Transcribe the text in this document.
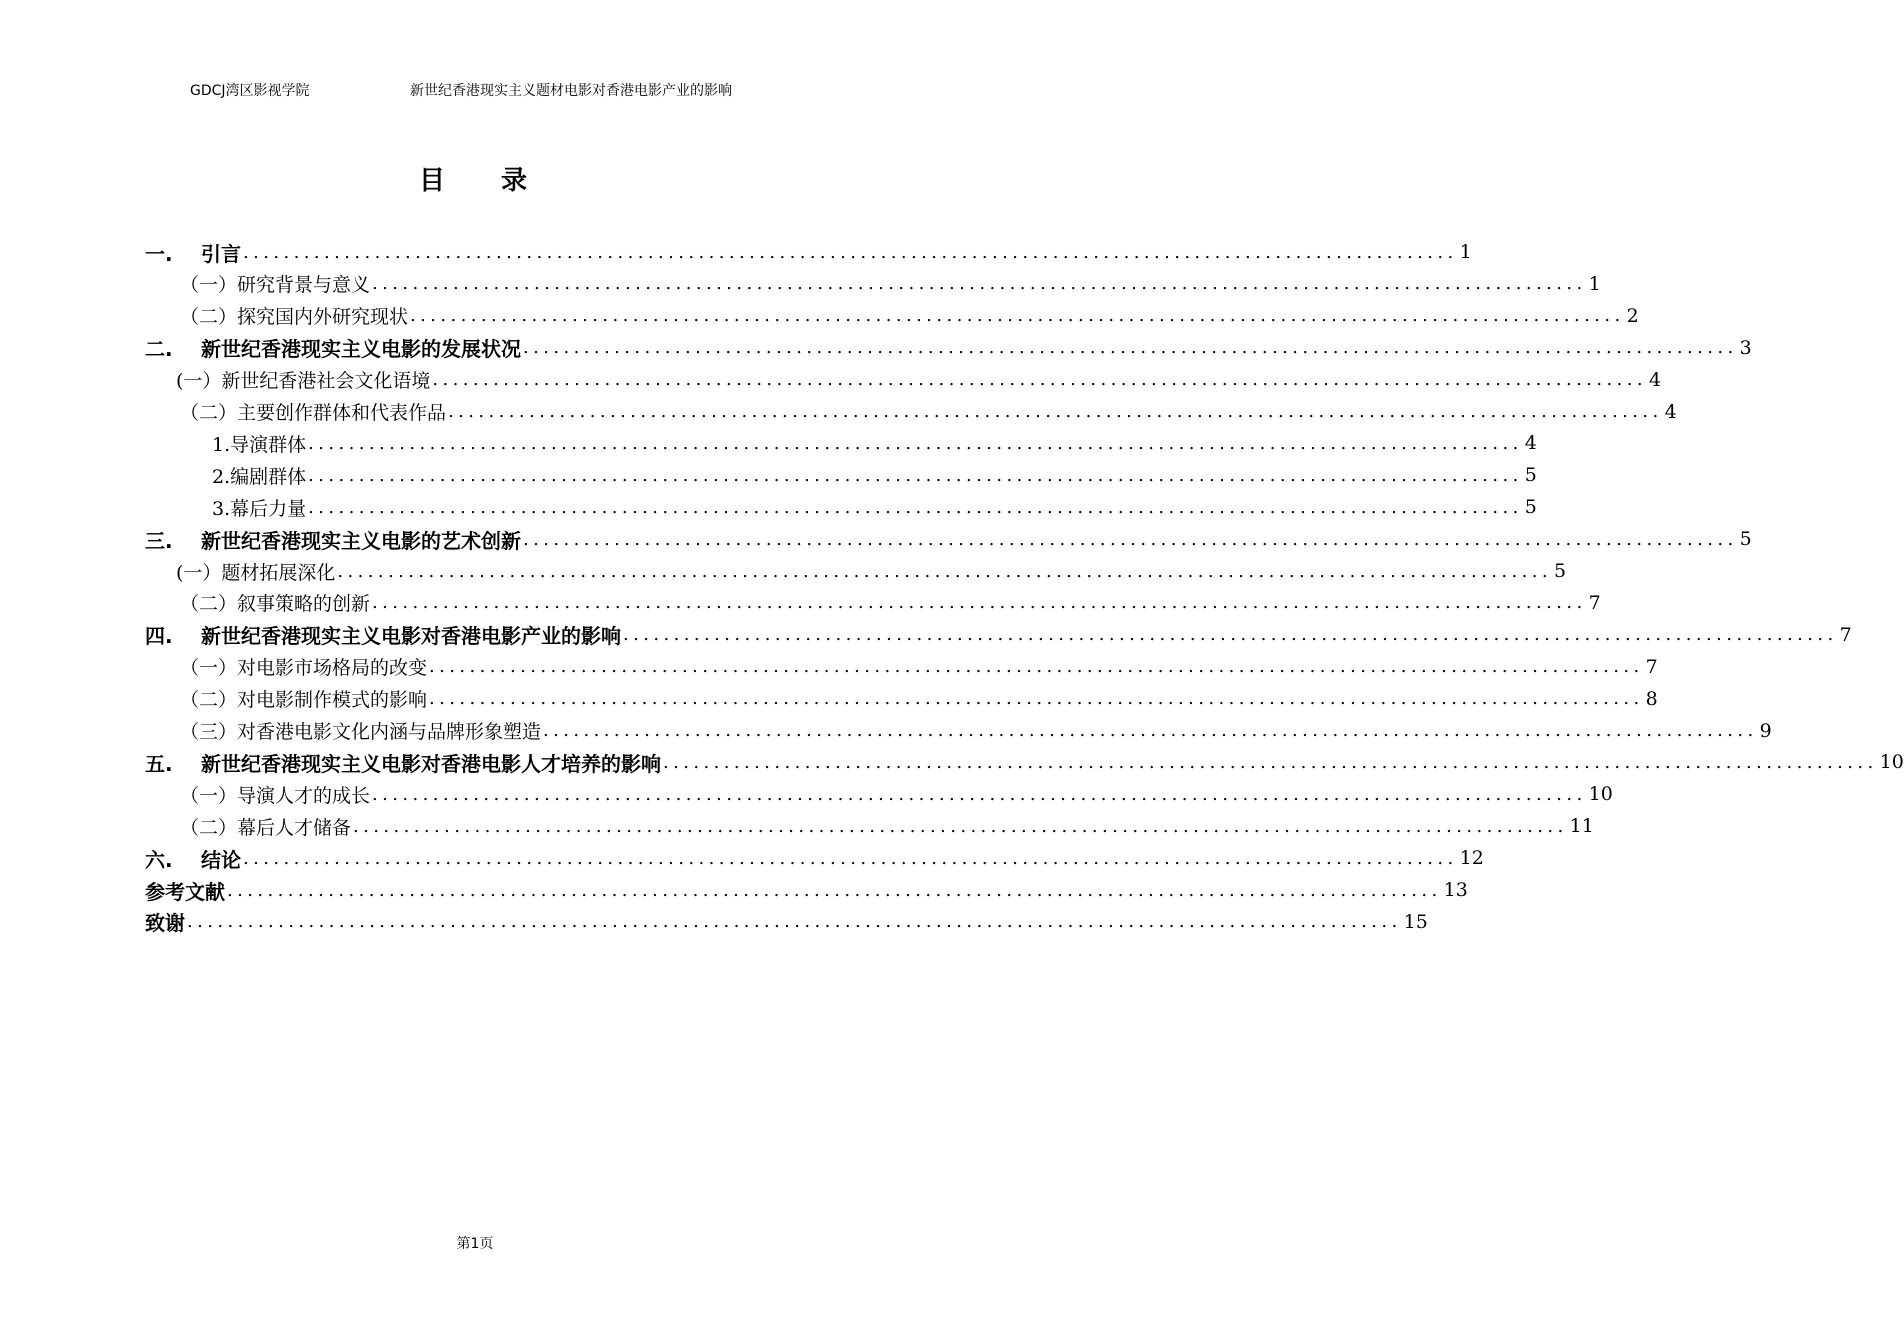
GDCJ湾区影视学院	新世纪香港现实主义题材电影对香港电影产业的影响
目 录
一. 引言 ........................................................................................................................ 1
（一）研究背景与意义 ........................................................................................................................ 1
（二）探究国内外研究现状 ........................................................................................................................ 2
二. 新世纪香港现实主义电影的发展状况 ........................................................................................................................ 3
(一）新世纪香港社会文化语境 ........................................................................................................................ 4
（二）主要创作群体和代表作品 ........................................................................................................................ 4
1.导演群体 ........................................................................................................................ 4
2.编剧群体 ........................................................................................................................ 5
3.幕后力量 ........................................................................................................................ 5
三. 新世纪香港现实主义电影的艺术创新 ........................................................................................................................ 5
(一）题材拓展深化 ........................................................................................................................ 5
（二）叙事策略的创新 ........................................................................................................................ 7
四. 新世纪香港现实主义电影对香港电影产业的影响 ........................................................................................................................ 7
（一）对电影市场格局的改变 ........................................................................................................................ 7
（二）对电影制作模式的影响 ........................................................................................................................ 8
（三）对香港电影文化内涵与品牌形象塑造 ........................................................................................................................ 9
五. 新世纪香港现实主义电影对香港电影人才培养的影响 ........................................................................................................................ 10
（一）导演人才的成长 ........................................................................................................................ 10
（二）幕后人才储备 ........................................................................................................................ 11
六. 结论 ........................................................................................................................ 12
参考文献 ........................................................................................................................ 13
致谢 ........................................................................................................................ 15
第1页
